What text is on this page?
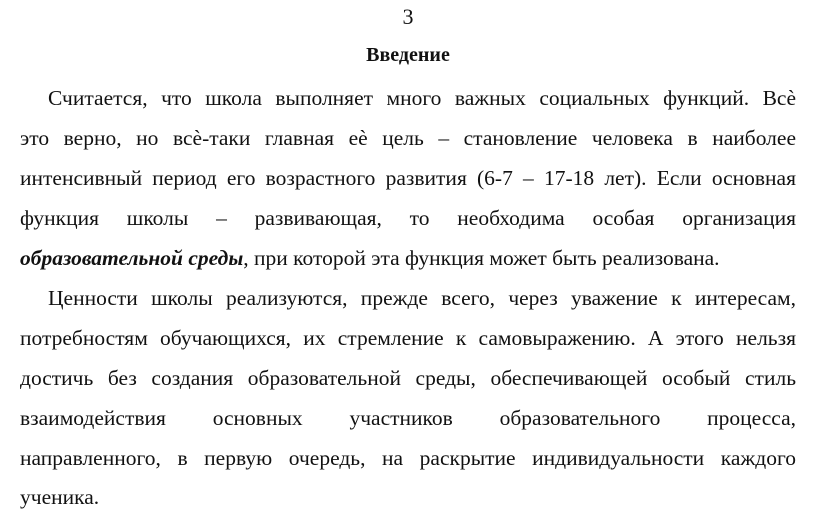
3
Введение
Считается, что школа выполняет много важных социальных функций. Всѐ
это верно, но всѐ-таки главная еѐ цель – становление человека в наиболее
интенсивный период его возрастного развития (6-7 – 17-18 лет). Если основная
функция школы – развивающая, то необходима особая организация
образовательной среды, при которой эта функция может быть реализована.
Ценности школы реализуются, прежде всего, через уважение к интересам,
потребностям обучающихся, их стремление к самовыражению. А этого нельзя
достичь без создания образовательной среды, обеспечивающей особый стиль
взаимодействия основных участников образовательного процесса,
направленного, в первую очередь, на раскрытие индивидуальности каждого
ученика.
